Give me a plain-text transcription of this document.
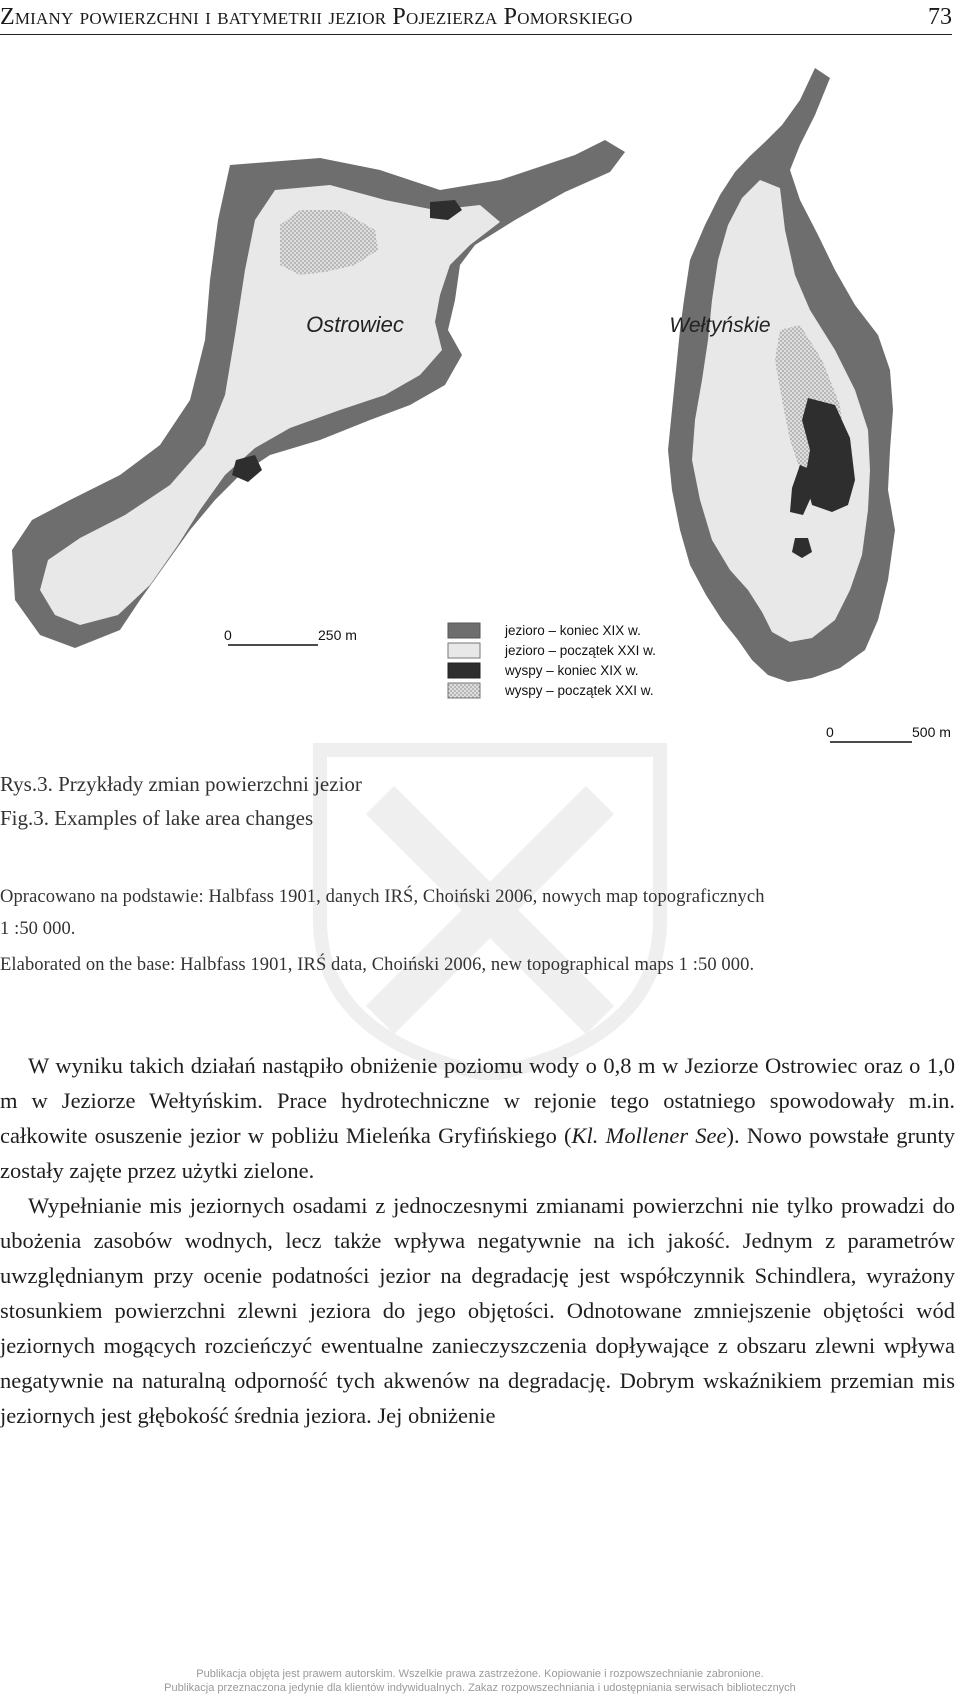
Zmiany powierzchni i batymetrii jezior Pojezierza Pomorskiego	73
Ostrowiec	Wełtyńskie
0	250 m
0	500 m
jezioro – koniec XIX w.
jezioro – początek XXI w.
wyspy – koniec XIX w.
wyspy – początek XXI w.
Rys.3. Przykłady zmian powierzchni jezior
Fig.3. Examples of lake area changes
Opracowano na podstawie: Halbfass 1901, danych IRŚ, Choiński 2006, nowych map topograficznych
1 :50 000.
Elaborated on the base: Halbfass 1901, IRŚ data, Choiński 2006, new topographical maps 1 :50 000.

W wyniku takich działań nastąpiło obniżenie poziomu wody o 0,8 m w Jeziorze Ostrowiec oraz o 1,0 m w Jeziorze Wełtyńskim. Prace hydrotechniczne w rejonie tego ostatniego spowodowały m.in. całkowite osuszenie jezior w pobliżu Mieleńka Gryfińskiego (Kl. Mollener See). Nowo powstałe grunty zostały zajęte przez użytki zielone.

Wypełnianie mis jeziornych osadami z jednoczesnymi zmianami powierzchni nie tylko prowadzi do ubożenia zasobów wodnych, lecz także wpływa negatywnie na ich jakość. Jednym z parametrów uwzględnianym przy ocenie podatności jezior na degradację jest współczynnik Schindlera, wyrażony stosunkiem powierzchni zlewni jeziora do jego objętości. Odnotowane zmniejszenie objętości wód jeziornych mogących rozcieńczyć ewentualne zanieczyszczenia dopływające z obszaru zlewni wpływa negatywnie na naturalną odporność tych akwenów na degradację. Dobrym wskaźnikiem przemian mis jeziornych jest głębokość średnia jeziora. Jej obniżenie

Publikacja objęta jest prawem autorskim. Wszelkie prawa zastrzeżone. Kopiowanie i rozpowszechnianie zabronione.
Publikacja przeznaczona jedynie dla klientów indywidualnych. Zakaz rozpowszechniania i udostępniania serwisach bibliotecznych
